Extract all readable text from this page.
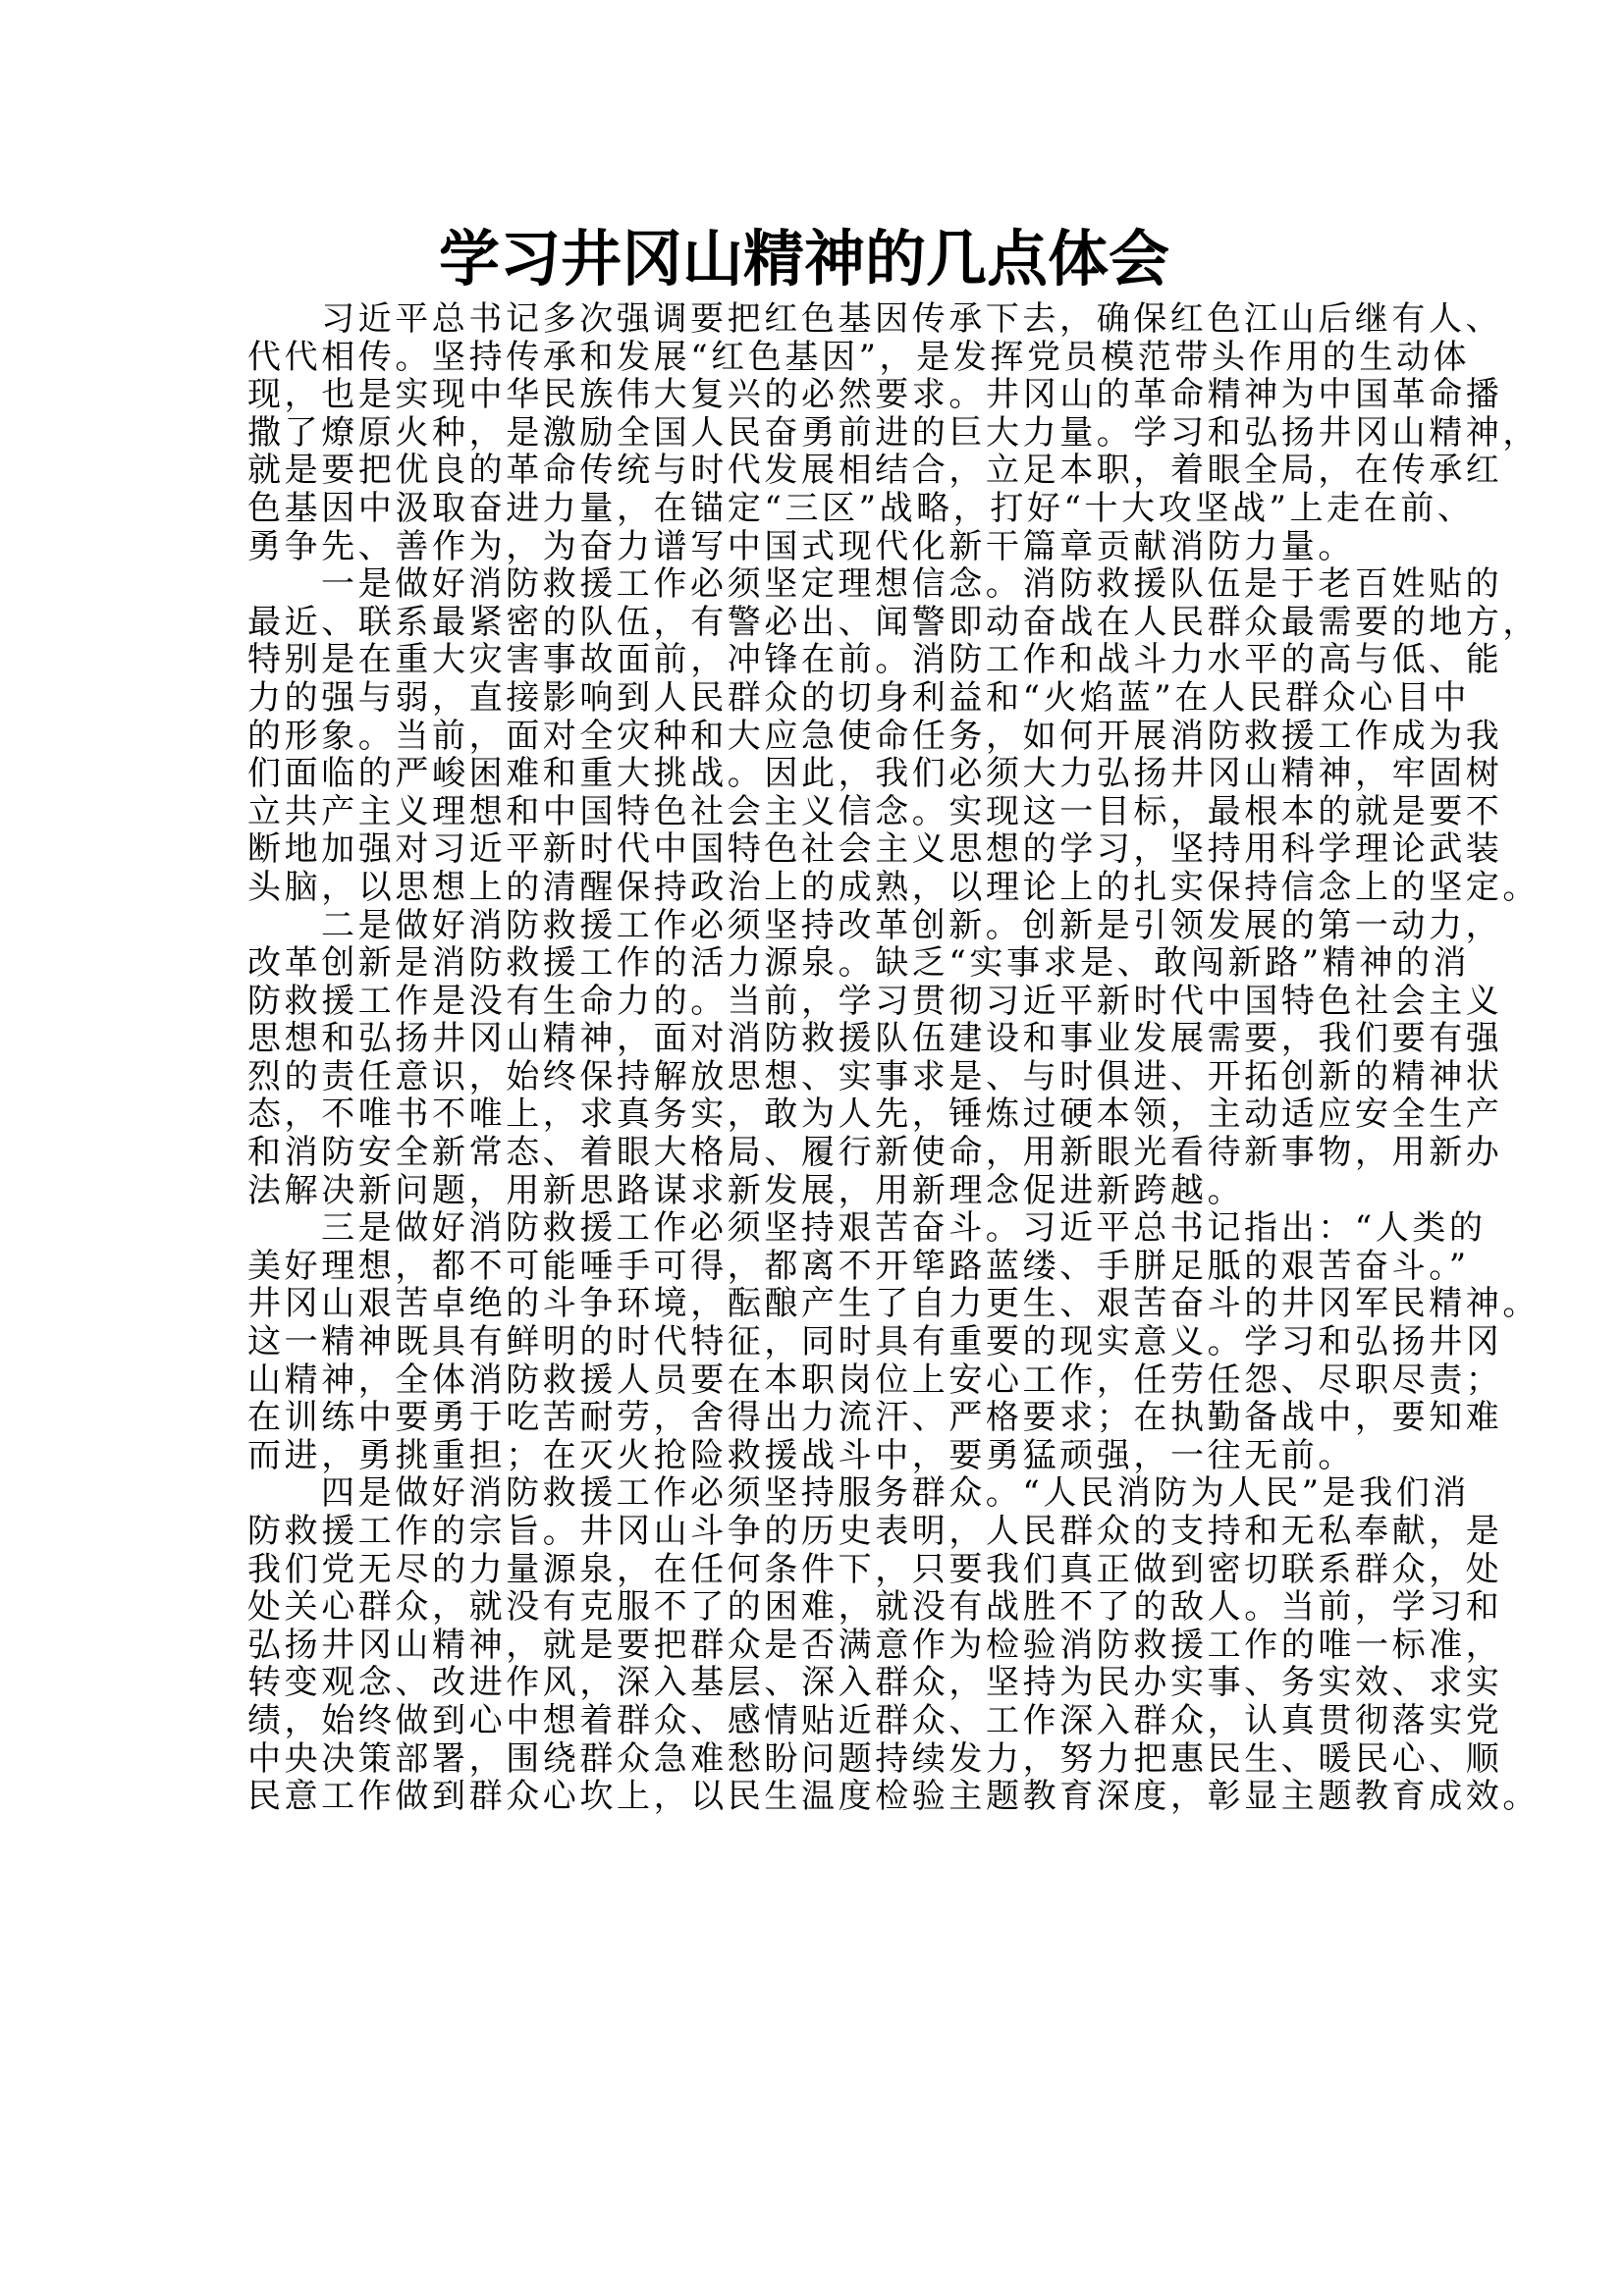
学习井冈山精神的几点体会

习近平总书记多次强调要把红色基因传承下去，确保红色江山后继有人、
代代相传。坚持传承和发展“红色基因”，是发挥党员模范带头作用的生动体
现，也是实现中华民族伟大复兴的必然要求。井冈山的革命精神为中国革命播
撒了燎原火种，是激励全国人民奋勇前进的巨大力量。学习和弘扬井冈山精神，
就是要把优良的革命传统与时代发展相结合，立足本职，着眼全局，在传承红
色基因中汲取奋进力量，在锚定“三区”战略，打好“十大攻坚战”上走在前、
勇争先、善作为，为奋力谱写中国式现代化新干篇章贡献消防力量。

一是做好消防救援工作必须坚定理想信念。消防救援队伍是于老百姓贴的
最近、联系最紧密的队伍，有警必出、闻警即动奋战在人民群众最需要的地方，
特别是在重大灾害事故面前，冲锋在前。消防工作和战斗力水平的高与低、能
力的强与弱，直接影响到人民群众的切身利益和“火焰蓝”在人民群众心目中
的形象。当前，面对全灾种和大应急使命任务，如何开展消防救援工作成为我
们面临的严峻困难和重大挑战。因此，我们必须大力弘扬井冈山精神，牢固树
立共产主义理想和中国特色社会主义信念。实现这一目标，最根本的就是要不
断地加强对习近平新时代中国特色社会主义思想的学习，坚持用科学理论武装
头脑，以思想上的清醒保持政治上的成熟，以理论上的扎实保持信念上的坚定。

二是做好消防救援工作必须坚持改革创新。创新是引领发展的第一动力，
改革创新是消防救援工作的活力源泉。缺乏“实事求是、敢闯新路”精神的消
防救援工作是没有生命力的。当前，学习贯彻习近平新时代中国特色社会主义
思想和弘扬井冈山精神，面对消防救援队伍建设和事业发展需要，我们要有强
烈的责任意识，始终保持解放思想、实事求是、与时俱进、开拓创新的精神状
态，不唯书不唯上，求真务实，敢为人先，锤炼过硬本领，主动适应安全生产
和消防安全新常态、着眼大格局、履行新使命，用新眼光看待新事物，用新办
法解决新问题，用新思路谋求新发展，用新理念促进新跨越。

三是做好消防救援工作必须坚持艰苦奋斗。习近平总书记指出：“人类的
美好理想，都不可能唾手可得，都离不开筚路蓝缕、手胼足胝的艰苦奋斗。”
井冈山艰苦卓绝的斗争环境，酝酿产生了自力更生、艰苦奋斗的井冈军民精神。
这一精神既具有鲜明的时代特征，同时具有重要的现实意义。学习和弘扬井冈
山精神，全体消防救援人员要在本职岗位上安心工作，任劳任怨、尽职尽责；
在训练中要勇于吃苦耐劳，舍得出力流汗、严格要求；在执勤备战中，要知难
而进，勇挑重担；在灭火抢险救援战斗中，要勇猛顽强，一往无前。

四是做好消防救援工作必须坚持服务群众。“人民消防为人民”是我们消
防救援工作的宗旨。井冈山斗争的历史表明，人民群众的支持和无私奉献，是
我们党无尽的力量源泉，在任何条件下，只要我们真正做到密切联系群众，处
处关心群众，就没有克服不了的困难，就没有战胜不了的敌人。当前，学习和
弘扬井冈山精神，就是要把群众是否满意作为检验消防救援工作的唯一标准，
转变观念、改进作风，深入基层、深入群众，坚持为民办实事、务实效、求实
绩，始终做到心中想着群众、感情贴近群众、工作深入群众，认真贯彻落实党
中央决策部署，围绕群众急难愁盼问题持续发力，努力把惠民生、暖民心、顺
民意工作做到群众心坎上，以民生温度检验主题教育深度，彰显主题教育成效。
